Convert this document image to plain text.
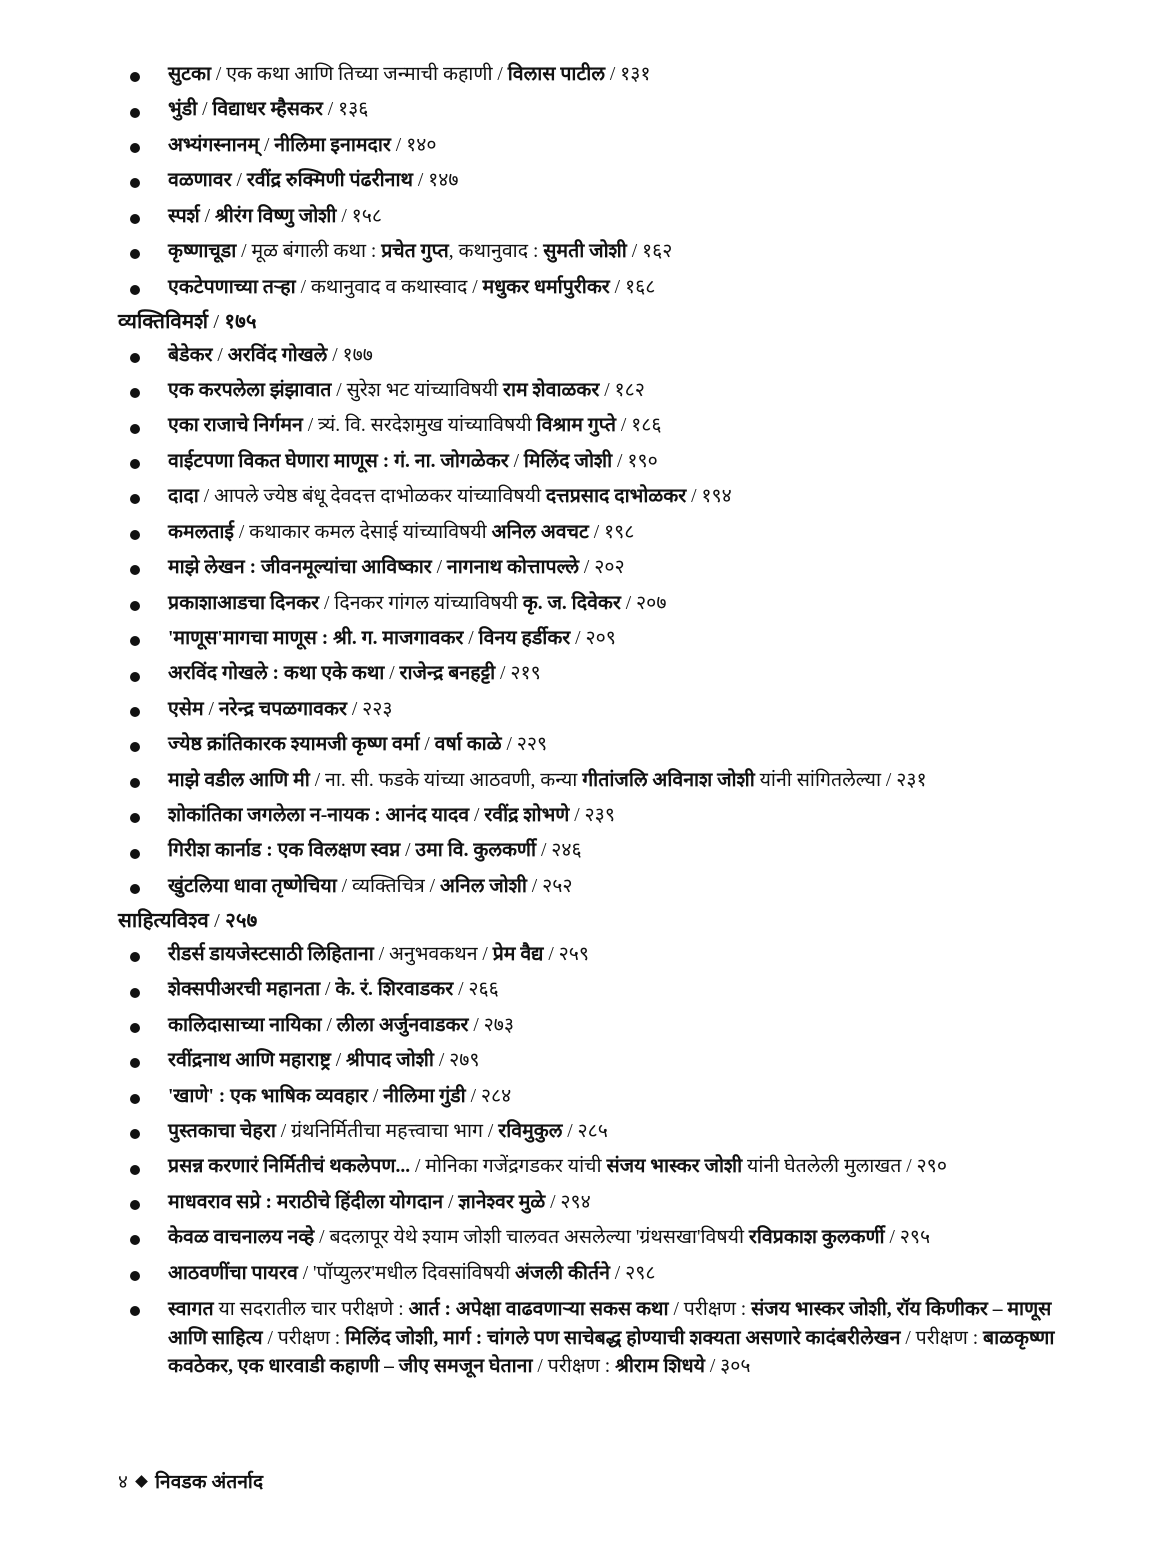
सुटका / एक कथा आणि तिच्या जन्माची कहाणी / विलास पाटील / १३१
भुंडी / विद्याधर म्हैसकर / १३६
अभ्यंगस्नानम् / नीलिमा इनामदार / १४०
वळणावर / रवींद्र रुक्मिणी पंढरीनाथ / १४७
स्पर्श / श्रीरंग विष्णु जोशी / १५८
कृष्णाचूडा / मूळ बंगाली कथा : प्रचेत गुप्त, कथानुवाद : सुमती जोशी / १६२
एकटेपणाच्या तऱ्हा / कथानुवाद व कथास्वाद / मधुकर धर्मापुरीकर / १६८
व्यक्तिविमर्श / १७५
बेडेकर / अरविंद गोखले / १७७
एक करपलेला झंझावात / सुरेश भट यांच्याविषयी राम शेवाळकर / १८२
एका राजाचे निर्गमन / त्र्यं. वि. सरदेशमुख यांच्याविषयी विश्राम गुप्ते / १८६
वाईटपणा विकत घेणारा माणूस : गं. ना. जोगळेकर / मिलिंद जोशी / १९०
दादा / आपले ज्येष्ठ बंधू देवदत्त दाभोळकर यांच्याविषयी दत्तप्रसाद दाभोळकर / १९४
कमलताई / कथाकार कमल देसाई यांच्याविषयी अनिल अवचट / १९८
माझे लेखन : जीवनमूल्यांचा आविष्कार / नागनाथ कोत्तापल्ले / २०२
प्रकाशाआडचा दिनकर / दिनकर गांगल यांच्याविषयी कृ. ज. दिवेकर / २०७
'माणूस'मागचा माणूस : श्री. ग. माजगावकर / विनय हर्डीकर / २०९
अरविंद गोखले : कथा एके कथा / राजेन्द्र बनहट्टी / २१९
एसेम / नरेन्द्र चपळगावकर / २२३
ज्येष्ठ क्रांतिकारक श्यामजी कृष्ण वर्मा / वर्षा काळे / २२९
माझे वडील आणि मी / ना. सी. फडके यांच्या आठवणी, कन्या गीतांजलि अविनाश जोशी यांनी सांगितलेल्या / २३१
शोकांतिका जगलेला न-नायक : आनंद यादव / रवींद्र शोभणे / २३९
गिरीश कार्नाड : एक विलक्षण स्वप्न / उमा वि. कुलकर्णी / २४६
खुंटलिया धावा तृष्णेचिया / व्यक्तिचित्र / अनिल जोशी / २५२
साहित्यविश्व / २५७
रीडर्स डायजेस्टसाठी लिहिताना / अनुभवकथन / प्रेम वैद्य / २५९
शेक्सपीअरची महानता / के. रं. शिरवाडकर / २६६
कालिदासाच्या नायिका / लीला अर्जुनवाडकर / २७३
रवींद्रनाथ आणि महाराष्ट्र / श्रीपाद जोशी / २७९
'खाणे' : एक भाषिक व्यवहार / नीलिमा गुंडी / २८४
पुस्तकाचा चेहरा / ग्रंथनिर्मितीचा महत्त्वाचा भाग / रविमुकुल / २८५
प्रसन्न करणारं निर्मितीचं थकलेपण... / मोनिका गजेंद्रगडकर यांची संजय भास्कर जोशी यांनी घेतलेली मुलाखत / २९०
माधवराव सप्रे : मराठीचे हिंदीला योगदान / ज्ञानेश्वर मुळे / २९४
केवळ वाचनालय नव्हे / बदलापूर येथे श्याम जोशी चालवत असलेल्या 'ग्रंथसखा'विषयी रविप्रकाश कुलकर्णी / २९५
आठवणींचा पायरव / 'पॉप्युलर'मधील दिवसांविषयी अंजली कीर्तने / २९८
स्वागत या सदरातील चार परीक्षणे : आर्त : अपेक्षा वाढवणाऱ्या सकस कथा / परीक्षण : संजय भास्कर जोशी, रॉय किणीकर – माणूस आणि साहित्य / परीक्षण : मिलिंद जोशी, मार्ग : चांगले पण साचेबद्ध होण्याची शक्यता असणारे कादंबरीलेखन / परीक्षण : बाळकृष्णा कवठेकर, एक धारवाडी कहाणी – जीए समजून घेताना / परीक्षण : श्रीराम शिधये / ३०५
४ निवडक अंतर्नाद
